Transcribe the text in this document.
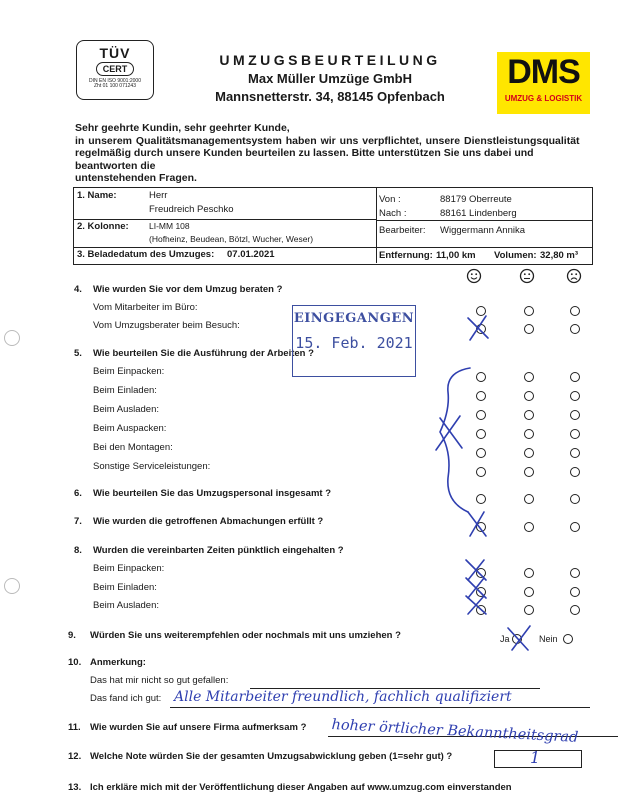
TÜV
CERT
DIN EN ISO 9001:2000
Zht 01 100 071243
UMZUGSBEURTEILUNG
Max Müller Umzüge GmbH
Mannsnetterstr. 34, 88145 Opfenbach
DMS
UMZUG & LOGISTIK
Sehr geehrte Kundin, sehr geehrter Kunde,
in unserem Qualitätsmanagementsystem haben wir uns verpflichtet, unsere Dienstleistungsqualität
regelmäßig durch unsere Kunden beurteilen zu lassen. Bitte unterstützen Sie uns dabei und beantworten die
untenstehenden Fragen.
1. Name:	Herr
Freudreich Peschko
Von :	88179 Oberreute
Nach :	88161 Lindenberg
2. Kolonne: LI-MM 108
(Hofheinz, Beudean, Bötzl, Wucher, Weser)
Bearbeiter: Wiggermann Annika
3. Beladedatum des Umzuges: 07.01.2021	Entfernung: 11,00 km Volumen: 32,80 m³
4. Wie wurden Sie vor dem Umzug beraten ?
Vom Mitarbeiter im Büro:
Vom Umzugsberater beim Besuch:
5. Wie beurteilen Sie die Ausführung der Arbeiten ?
Beim Einpacken:
Beim Einladen:
Beim Ausladen:
Beim Auspacken:
Bei den Montagen:
Sonstige Serviceleistungen:
6. Wie beurteilen Sie das Umzugspersonal insgesamt ?
7. Wie wurden die getroffenen Abmachungen erfüllt ?
8. Wurden die vereinbarten Zeiten pünktlich eingehalten ?
Beim Einpacken:
Beim Einladen:
Beim Ausladen:
9. Würden Sie uns weiterempfehlen oder nochmals mit uns umziehen ?	Ja	Nein
10. Anmerkung:
Das hat mir nicht so gut gefallen:
Das fand ich gut: Alle Mitarbeiter freundlich, fachlich qualifiziert
11. Wie wurden Sie auf unsere Firma aufmerksam ? hoher örtlicher Bekanntheitsgrad
12. Welche Note würden Sie der gesamten Umzugsabwicklung geben (1=sehr gut) ?	1
13. Ich erkläre mich mit der Veröffentlichung dieser Angaben auf www.umzug.com einverstanden
EINGEGANGEN
15. Feb. 2021
